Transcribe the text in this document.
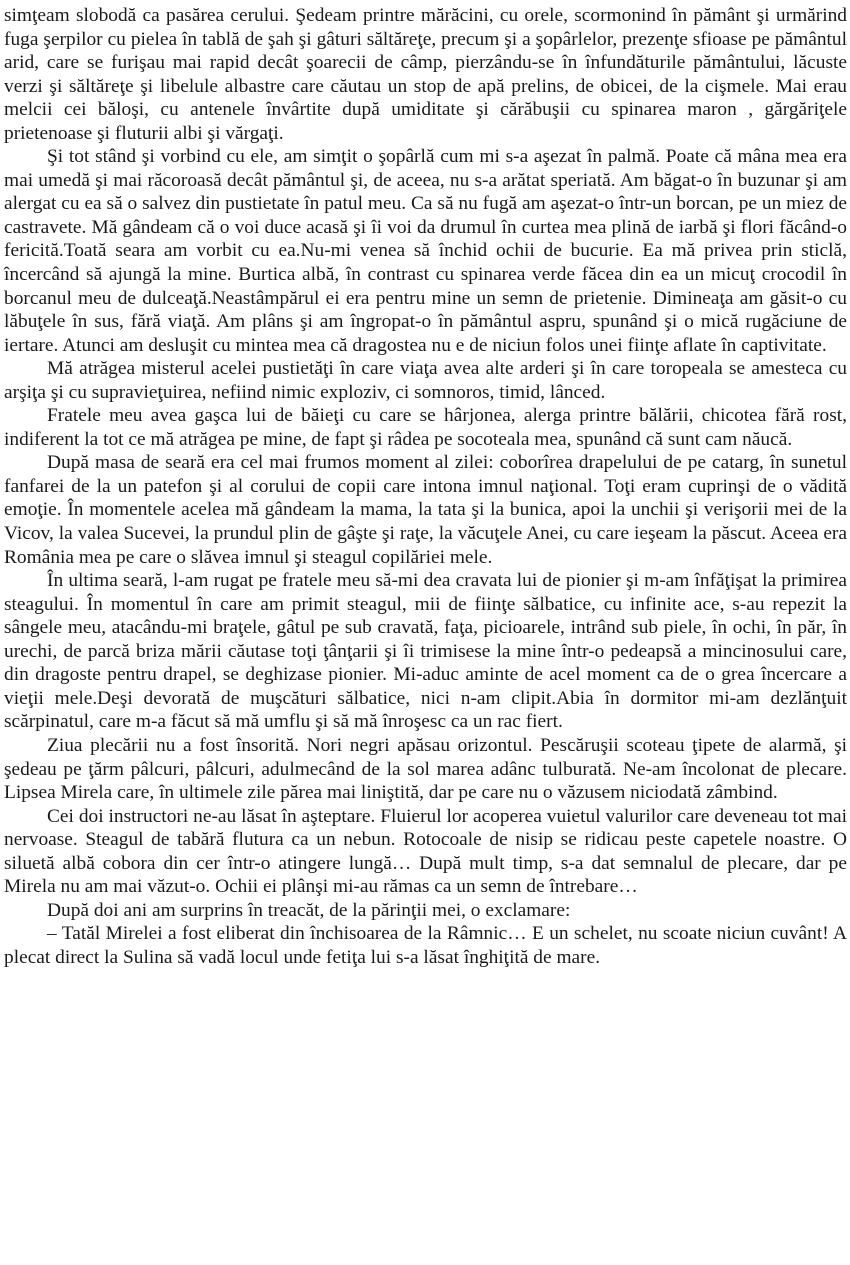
simţeam slobodă ca pasărea cerului. Şedeam printre mărăcini, cu orele, scormonind în pământ şi urmărind fuga şerpilor cu pielea în tablă de şah şi gâturi săltăreţe, precum şi a şopârlelor, prezenţe sfioase pe pământul arid, care se furişau mai rapid decât şoarecii de câmp, pierzându-se în înfundăturile pământului, lăcuste verzi şi săltăreţe şi libelule albastre care căutau un stop de apă prelins, de obicei, de la cişmele. Mai erau melcii cei băloşi, cu antenele învârtite după umiditate şi cărăbuşii cu spinarea maron , gărgăriţele prietenoase şi fluturii albi şi vărgaţi.

Şi tot stând şi vorbind cu ele, am simţit o şopârlă cum mi s-a aşezat în palmă. Poate că mâna mea era mai umedă şi mai răcoroasă decât pământul şi, de aceea, nu s-a arătat speriată. Am băgat-o în buzunar şi am alergat cu ea să o salvez din pustietate în patul meu. Ca să nu fugă am aşezat-o într-un borcan, pe un miez de castravete. Mă gândeam că o voi duce acasă şi îi voi da drumul în curtea mea plină de iarbă şi flori făcând-o fericită.Toată seara am vorbit cu ea.Nu-mi venea să închid ochii de bucurie. Ea mă privea prin sticlă, încercând să ajungă la mine. Burtica albă, în contrast cu spinarea verde făcea din ea un micuţ crocodil în borcanul meu de dulceaţă.Neastâmpărul ei era pentru mine un semn de prietenie. Dimineaţa am găsit-o cu lăbuţele în sus, fără viaţă. Am plâns şi am îngropat-o în pământul aspru, spunând şi o mică rugăciune de iertare. Atunci am desluşit cu mintea mea că dragostea nu e de niciun folos unei fiinţe aflate în captivitate.

Mă atrăgea misterul acelei pustietăţi în care viaţa avea alte arderi şi în care toropeala se amesteca cu arşiţa şi cu supravieţuirea, nefiind nimic exploziv, ci somnoros, timid, lânced.

Fratele meu avea gaşca lui de băieţi cu care se hârjonea, alerga printre bălării, chicotea fără rost, indiferent la tot ce mă atrăgea pe mine, de fapt şi râdea pe socoteala mea, spunând că sunt cam năucă.

După masa de seară era cel mai frumos moment al zilei: coborîrea drapelului de pe catarg, în sunetul fanfarei de la un patefon şi al corului de copii care intona imnul naţional. Toţi eram cuprinşi de o vădită emoţie. În momentele acelea mă gândeam la mama, la tata şi la bunica, apoi la unchii şi verişorii mei de la Vicov, la valea Sucevei, la prundul plin de gâşte şi raţe, la văcuţele Anei, cu care ieşeam la păscut. Aceea era România mea pe care o slăvea imnul şi steagul copilăriei mele.

În ultima seară, l-am rugat pe fratele meu să-mi dea cravata lui de pionier şi m-am înfăţişat la primirea steagului. În momentul în care am primit steagul, mii de fiinţe sălbatice, cu infinite ace, s-au repezit la sângele meu, atacându-mi braţele, gâtul pe sub cravată, faţa, picioarele, intrând sub piele, în ochi, în păr, în urechi, de parcă briza mării căutase toţi ţânţarii şi îi trimisese la mine într-o pedeapsă a mincinosului care, din dragoste pentru drapel, se deghizase pionier. Mi-aduc aminte de acel moment ca de o grea încercare a vieţii mele.Deşi devorată de muşcături sălbatice, nici n-am clipit.Abia în dormitor mi-am dezlănţuit scărpinatul, care m-a făcut să mă umflu şi să mă înroşesc ca un rac fiert.

Ziua plecării nu a fost însorită. Nori negri apăsau orizontul. Pescăruşii scoteau ţipete de alarmă, şi şedeau pe ţărm pâlcuri, pâlcuri, adulmecând de la sol marea adânc tulburată. Ne-am încolonat de plecare. Lipsea Mirela care, în ultimele zile părea mai liniştită, dar pe care nu o văzusem niciodată zâmbind.

Cei doi instructori ne-au lăsat în aşteptare. Fluierul lor acoperea vuietul valurilor care deveneau tot mai nervoase. Steagul de tabără flutura ca un nebun. Rotocoale de nisip se ridicau peste capetele noastre. O siluetă albă cobora din cer într-o atingere lungă… După mult timp, s-a dat semnalul de plecare, dar pe Mirela nu am mai văzut-o. Ochii ei plânşi mi-au rămas ca un semn de întrebare…

După doi ani am surprins în treacăt, de la părinţii mei, o exclamare:

– Tatăl Mirelei a fost eliberat din închisoarea de la Râmnic… E un schelet, nu scoate niciun cuvânt! A plecat direct la Sulina să vadă locul unde fetiţa lui s-a lăsat înghiţită de mare.
